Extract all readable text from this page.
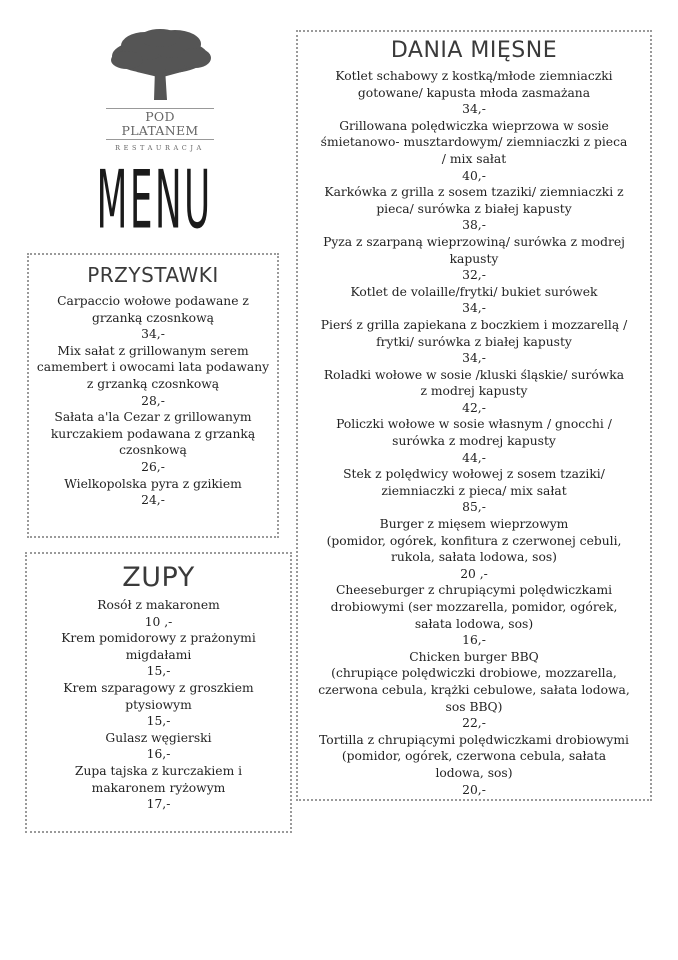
POD PLATANEM
RESTAURACJA
MENU
PRZYSTAWKI
Carpaccio wołowe podawane z
grzanką czosnkową
34,-
Mix sałat z grillowanym serem
camembert i owocami lata podawany
z grzanką czosnkową
28,-
Sałata a'la Cezar z grillowanym
kurczakiem podawana z grzanką
czosnkową
26,-
Wielkopolska pyra z gzikiem
24,-
ZUPY
Rosół z makaronem
10 ,-
Krem pomidorowy z prażonymi
migdałami
15,-
Krem szparagowy z groszkiem
ptysiowym
15,-
Gulasz węgierski
16,-
Zupa tajska z kurczakiem i
makaronem ryżowym
17,-
DANIA MIĘSNE
Kotlet schabowy z kostką/młode ziemniaczki
gotowane/ kapusta młoda zasmażana
34,-
Grillowana polędwiczka wieprzowa w sosie
śmietanowo- musztardowym/ ziemniaczki z pieca
/ mix sałat
40,-
Karkówka z grilla z sosem tzaziki/ ziemniaczki z
pieca/ surówka z białej kapusty
38,-
Pyza z szarpaną wieprzowiną/ surówka z modrej
kapusty
32,-
Kotlet de volaille/frytki/ bukiet surówek
34,-
Pierś z grilla zapiekana z boczkiem i mozzarellą /
frytki/ surówka z białej kapusty
34,-
Roladki wołowe w sosie /kluski śląskie/ surówka
z modrej kapusty
42,-
Policzki wołowe w sosie własnym / gnocchi /
surówka z modrej kapusty
44,-
Stek z polędwicy wołowej z sosem tzaziki/
ziemniaczki z pieca/ mix sałat
85,-
Burger z mięsem wieprzowym
(pomidor, ogórek, konfitura z czerwonej cebuli,
rukola, sałata lodowa, sos)
20 ,-
Cheeseburger z chrupiącymi polędwiczkami
drobiowymi (ser mozzarella, pomidor, ogórek,
sałata lodowa, sos)
16,-
Chicken burger BBQ
(chrupiące polędwiczki drobiowe, mozzarella,
czerwona cebula, krążki cebulowe, sałata lodowa,
sos BBQ)
22,-
Tortilla z chrupiącymi polędwiczkami drobiowymi
(pomidor, ogórek, czerwona cebula, sałata
lodowa, sos)
20,-
